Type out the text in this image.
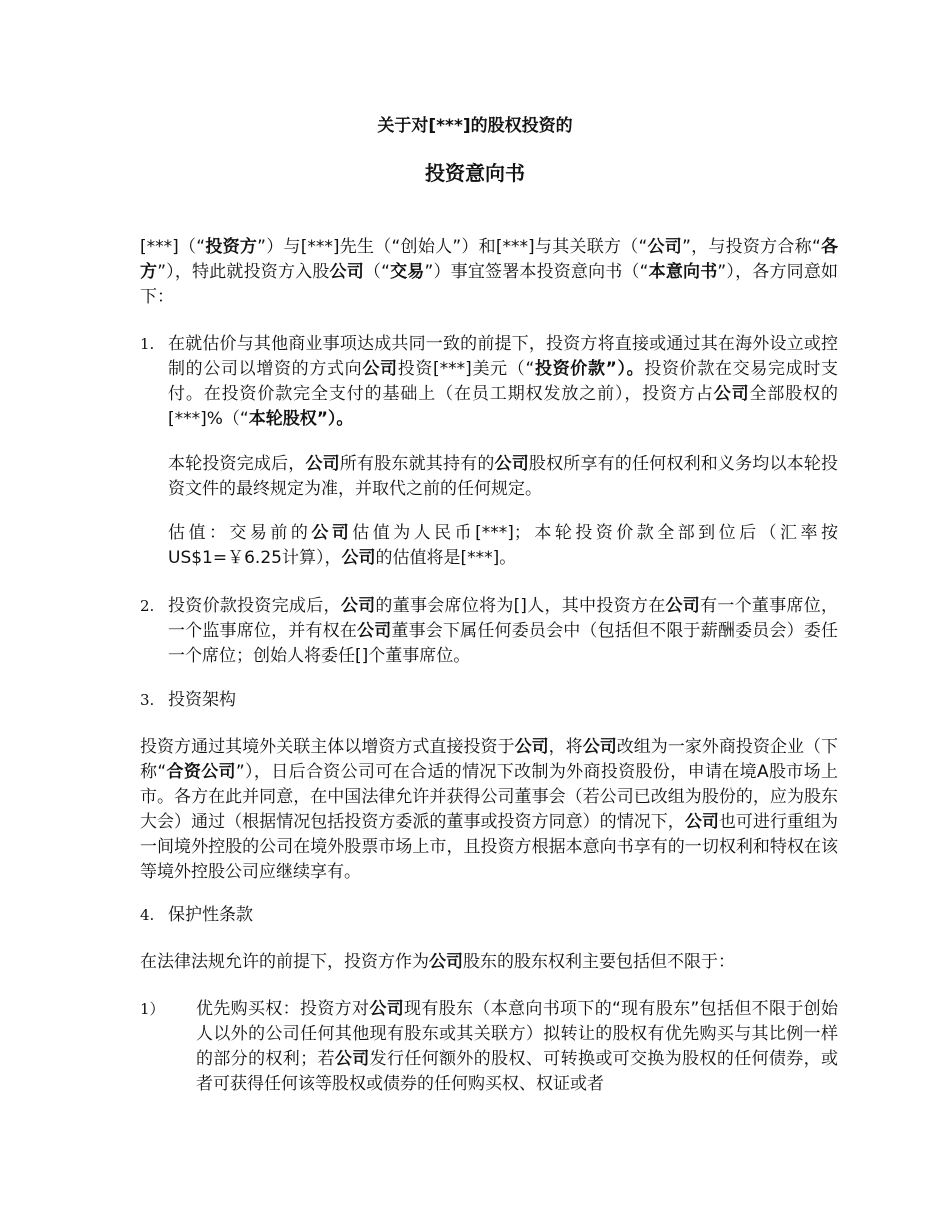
关于对[***]的股权投资的
投资意向书

[***]（“投资方”）与[***]先生（“创始人”）和[***]与其关联方（“公司”，与投资方合称“各方”），特此就投资方入股公司（“交易”）事宜签署本投资意向书（“本意向书”），各方同意如下：

1. 在就估价与其他商业事项达成共同一致的前提下，投资方将直接或通过其在海外设立或控制的公司以增资的方式向公司投资[***]美元（“投资价款”）。投资价款在交易完成时支付。在投资价款完全支付的基础上（在员工期权发放之前），投资方占公司全部股权的[***]%（“本轮股权”）。

本轮投资完成后，公司所有股东就其持有的公司股权所享有的任何权利和义务均以本轮投资文件的最终规定为准，并取代之前的任何规定。

估值：交易前的公司估值为人民币[***]；本轮投资价款全部到位后（汇率按US$1=￥6.25计算），公司的估值将是[***]。

2. 投资价款投资完成后，公司的董事会席位将为[]人，其中投资方在公司有一个董事席位，一个监事席位，并有权在公司董事会下属任何委员会中（包括但不限于薪酬委员会）委任一个席位；创始人将委任[]个董事席位。

3. 投资架构

投资方通过其境外关联主体以增资方式直接投资于公司，将公司改组为一家外商投资企业（下称“合资公司”），日后合资公司可在合适的情况下改制为外商投资股份，申请在境A股市场上市。各方在此并同意，在中国法律允许并获得公司董事会（若公司已改组为股份的，应为股东大会）通过（根据情况包括投资方委派的董事或投资方同意）的情况下，公司也可进行重组为一间境外控股的公司在境外股票市场上市，且投资方根据本意向书享有的一切权利和特权在该等境外控股公司应继续享有。

4. 保护性条款

在法律法规允许的前提下，投资方作为公司股东的股东权利主要包括但不限于：

1） 优先购买权：投资方对公司现有股东（本意向书项下的“现有股东”包括但不限于创始人以外的公司任何其他现有股东或其关联方）拟转让的股权有优先购买与其比例一样的部分的权利；若公司发行任何额外的股权、可转换或可交换为股权的任何债券，或者可获得任何该等股权或债券的任何购买权、权证或者
